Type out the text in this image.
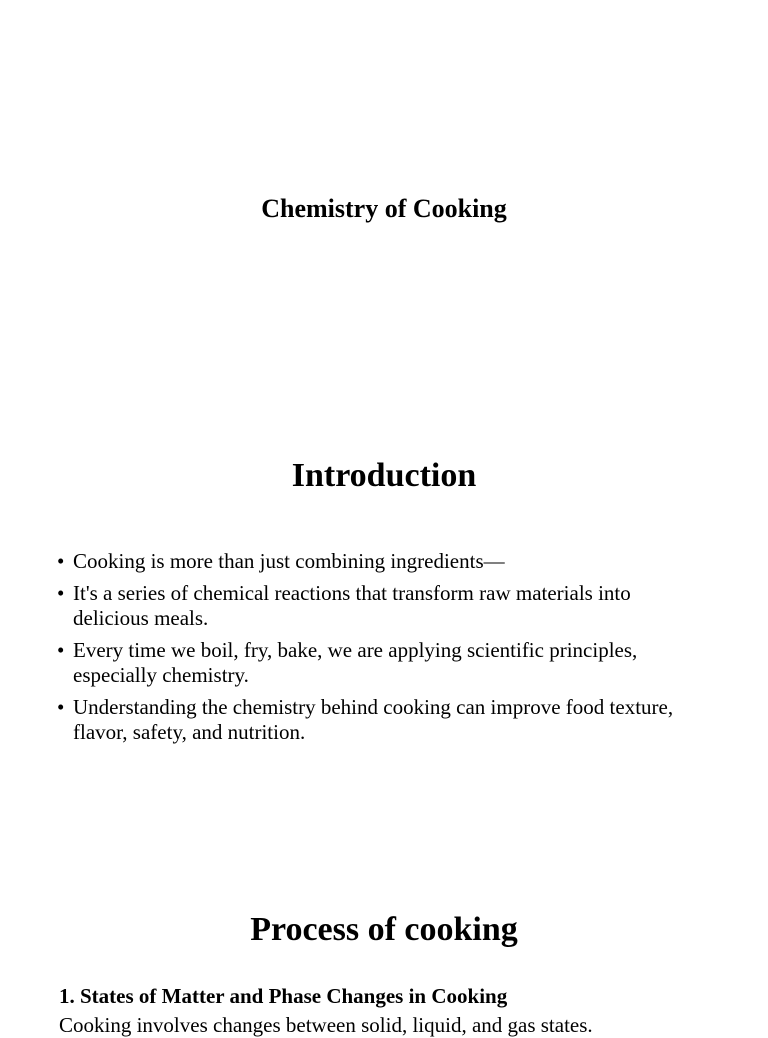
Chemistry of Cooking
Introduction
• Cooking is more than just combining ingredients—
• It's a series of chemical reactions that transform raw materials into delicious meals.
• Every time we boil, fry, bake, we are applying scientific principles, especially chemistry.
• Understanding the chemistry behind cooking can improve food texture, flavor, safety, and nutrition.
Process of cooking
1. States of Matter and Phase Changes in Cooking

Cooking involves changes between solid, liquid, and gas states.
